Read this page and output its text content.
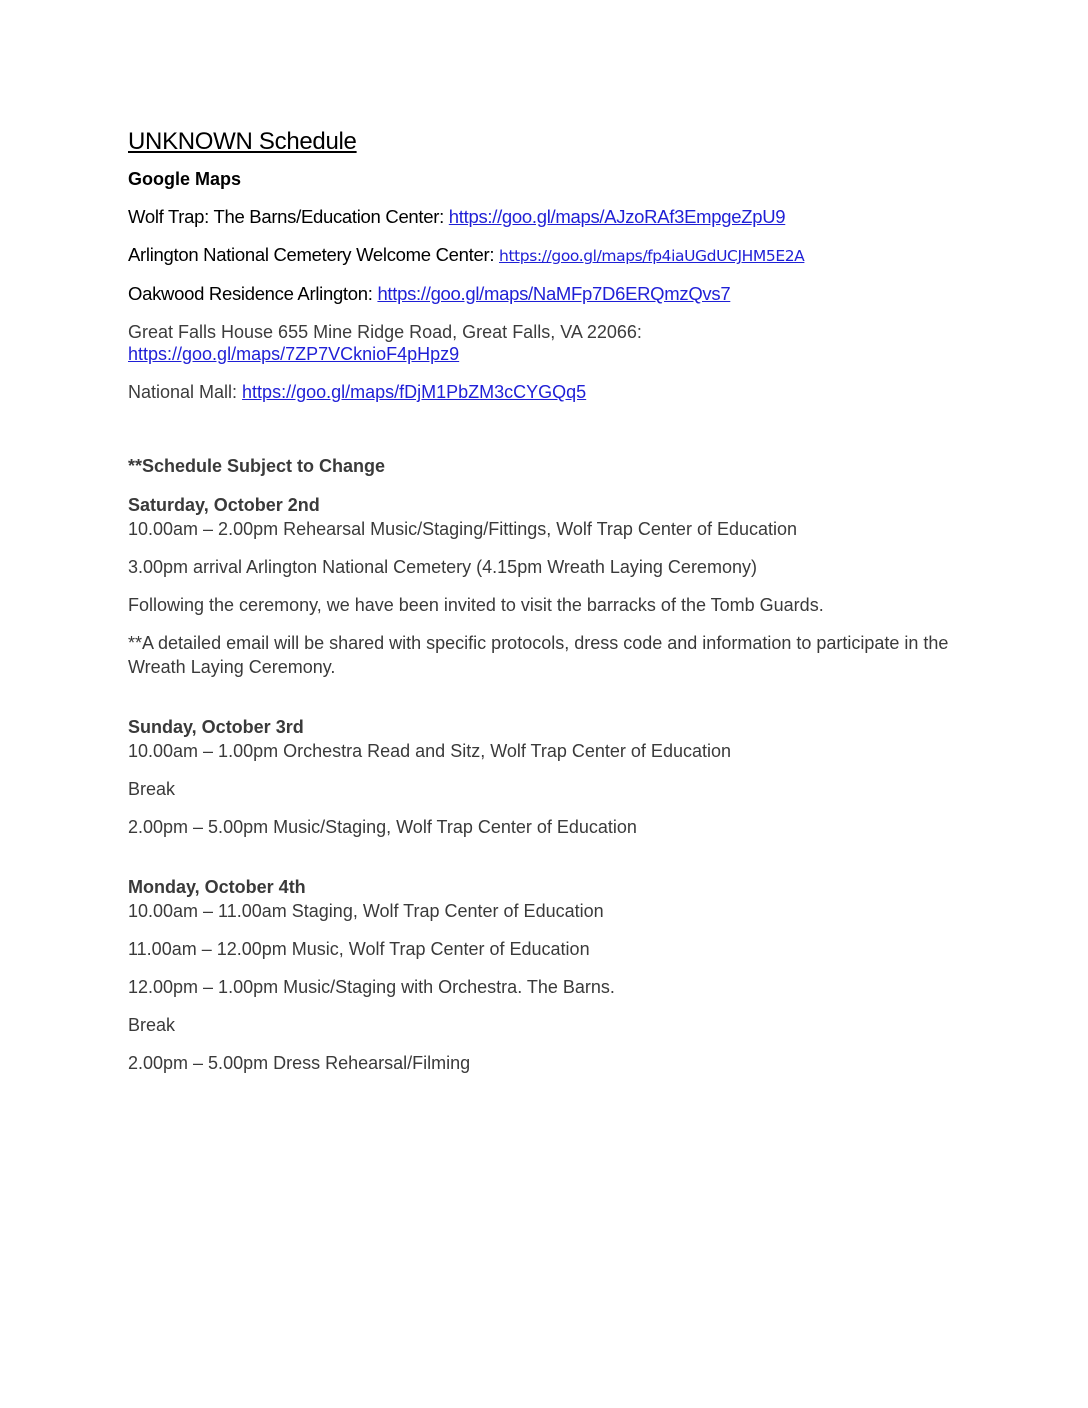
UNKNOWN Schedule
Google Maps
Wolf Trap: The Barns/Education Center: https://goo.gl/maps/AJzoRAf3EmpgeZpU9
Arlington National Cemetery Welcome Center: https://goo.gl/maps/fp4iaUGdUCJHM5E2A
Oakwood Residence Arlington: https://goo.gl/maps/NaMFp7D6ERQmzQvs7
Great Falls House 655 Mine Ridge Road, Great Falls, VA 22066:
https://goo.gl/maps/7ZP7VCknioF4pHpz9
National Mall: https://goo.gl/maps/fDjM1PbZM3cCYGQq5
**Schedule Subject to Change
Saturday, October 2nd

10.00am – 2.00pm Rehearsal Music/Staging/Fittings, Wolf Trap Center of Education

3.00pm arrival Arlington National Cemetery (4.15pm Wreath Laying Ceremony)

Following the ceremony, we have been invited to visit the barracks of the Tomb Guards.

**A detailed email will be shared with specific protocols, dress code and information to participate in the Wreath Laying Ceremony.

Sunday, October 3rd

10.00am – 1.00pm Orchestra Read and Sitz, Wolf Trap Center of Education

Break

2.00pm – 5.00pm Music/Staging, Wolf Trap Center of Education

Monday, October 4th

10.00am – 11.00am Staging, Wolf Trap Center of Education

11.00am – 12.00pm Music, Wolf Trap Center of Education

12.00pm – 1.00pm Music/Staging with Orchestra. The Barns.

Break

2.00pm – 5.00pm Dress Rehearsal/Filming
